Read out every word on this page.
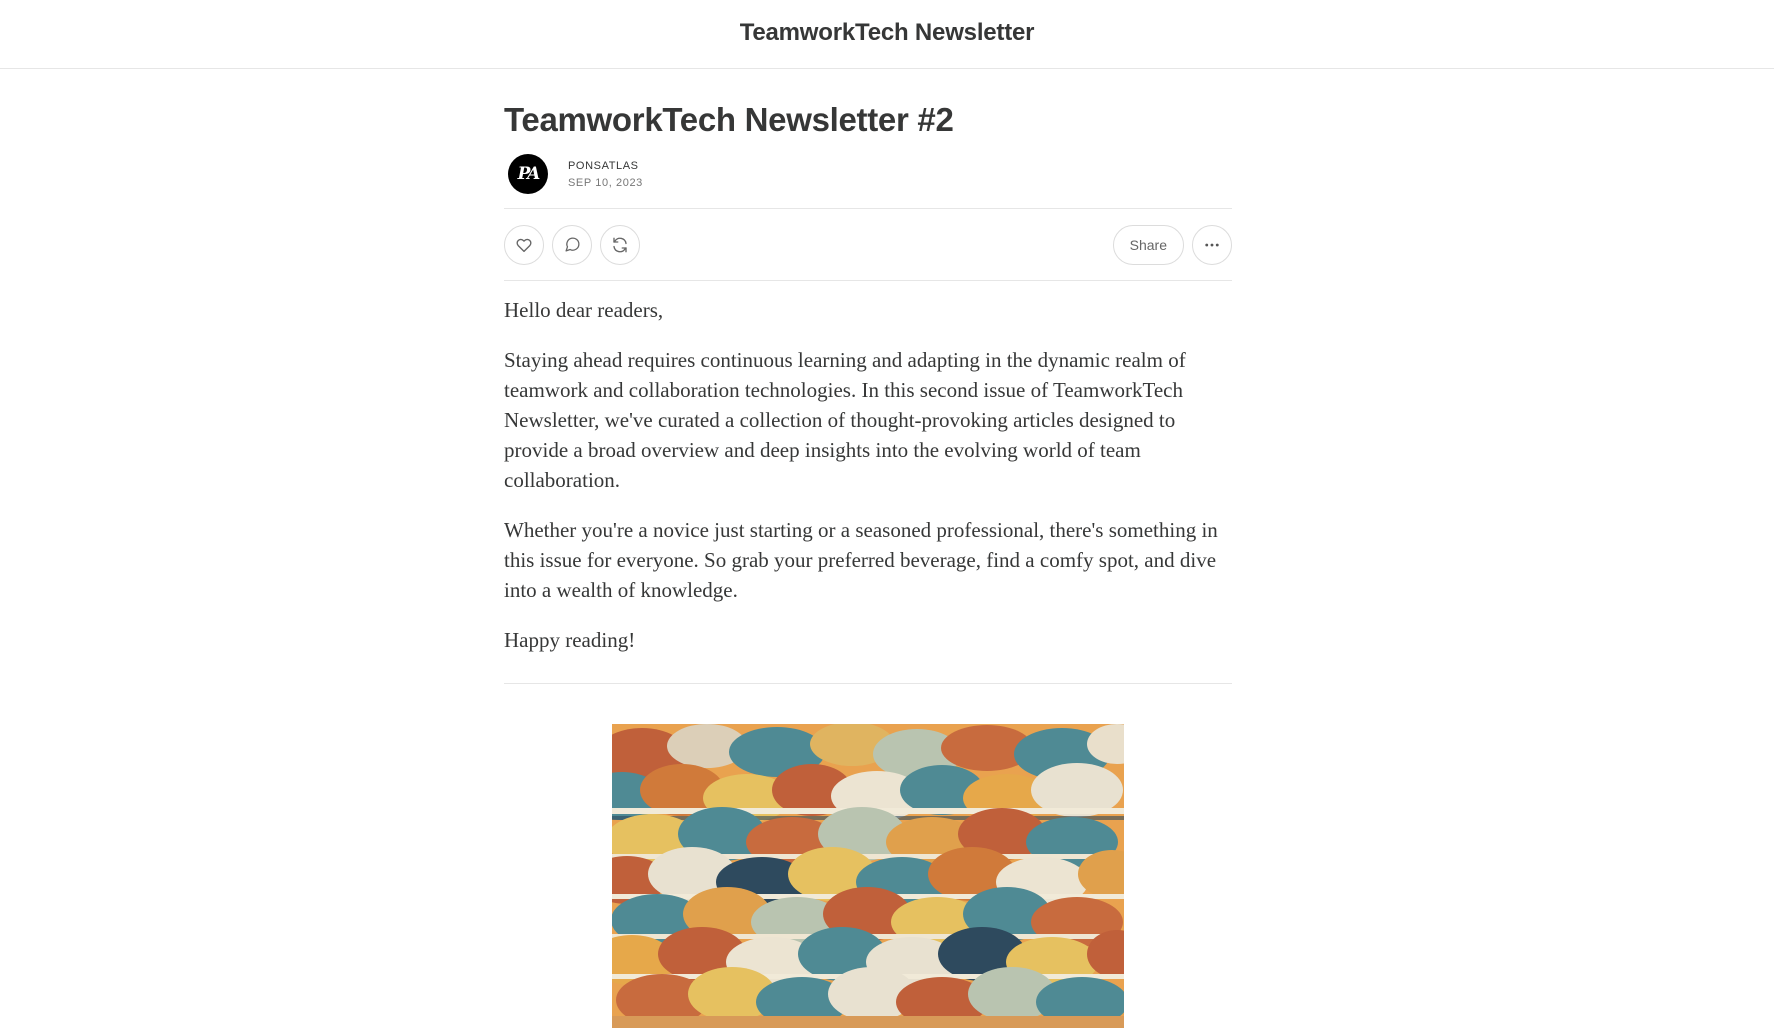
TeamworkTech Newsletter
TeamworkTech Newsletter #2
PA	PONSATLAS
SEP 10, 2023
Share

Hello dear readers,

Staying ahead requires continuous learning and adapting in the dynamic realm of teamwork and collaboration technologies. In this second issue of TeamworkTech Newsletter, we've curated a collection of thought-provoking articles designed to provide a broad overview and deep insights into the evolving world of team collaboration.

Whether you're a novice just starting or a seasoned professional, there's something in this issue for everyone. So grab your preferred beverage, find a comfy spot, and dive into a wealth of knowledge.

Happy reading!
